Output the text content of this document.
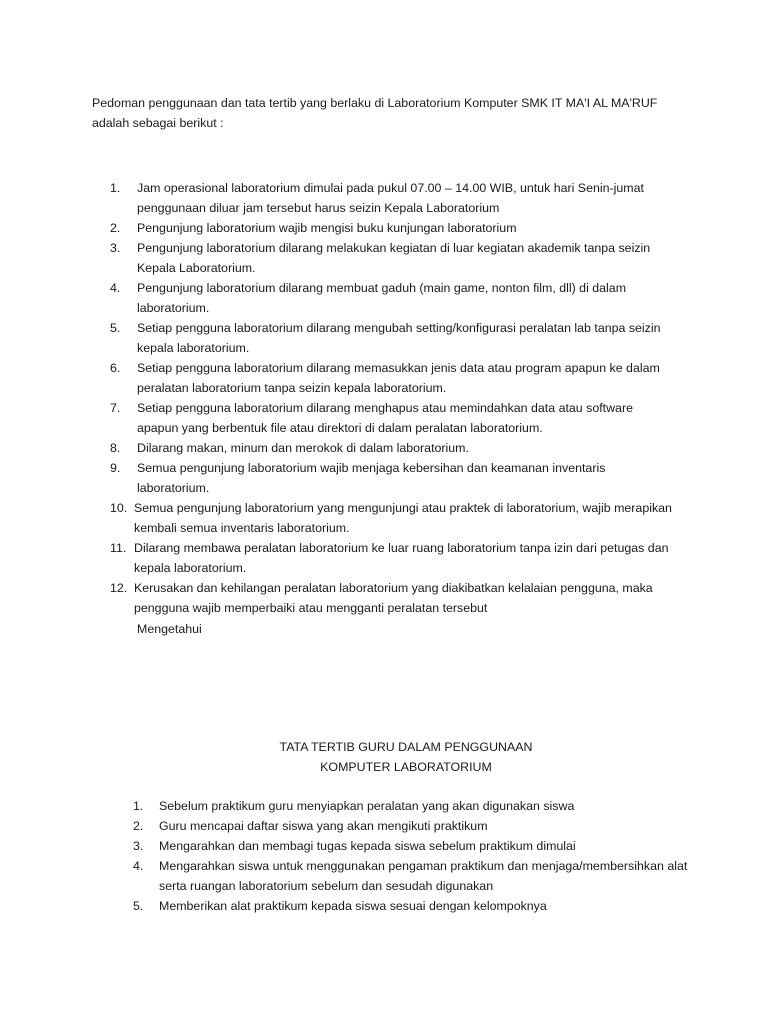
Pedoman penggunaan dan tata tertib yang berlaku di Laboratorium Komputer SMK IT MA'I AL MA'RUF adalah sebagai berikut :

1.	Jam operasional laboratorium dimulai pada pukul 07.00 – 14.00 WIB, untuk hari Senin-jumat penggunaan diluar jam tersebut harus seizin Kepala Laboratorium
2.	Pengunjung laboratorium wajib mengisi buku kunjungan laboratorium
3.	Pengunjung laboratorium dilarang melakukan kegiatan di luar kegiatan akademik tanpa seizin Kepala Laboratorium.
4.	Pengunjung laboratorium dilarang membuat gaduh (main game, nonton film, dll) di dalam laboratorium.
5.	Setiap pengguna laboratorium dilarang mengubah setting/konfigurasi peralatan lab tanpa seizin kepala laboratorium.
6.	Setiap pengguna laboratorium dilarang memasukkan jenis data atau program apapun ke dalam peralatan laboratorium tanpa seizin kepala laboratorium.
7.	Setiap pengguna laboratorium dilarang menghapus atau memindahkan data atau software apapun yang berbentuk file atau direktori di dalam peralatan laboratorium.
8.	Dilarang makan, minum dan merokok di dalam laboratorium.
9.	Semua pengunjung laboratorium wajib menjaga kebersihan dan keamanan inventaris laboratorium.
10. Semua pengunjung laboratorium yang mengunjungi atau praktek di laboratorium, wajib merapikan kembali semua inventaris laboratorium.
11. Dilarang membawa peralatan laboratorium ke luar ruang laboratorium tanpa izin dari petugas dan kepala laboratorium.
12. Kerusakan dan kehilangan peralatan laboratorium yang diakibatkan kelalaian pengguna, maka pengguna wajib memperbaiki atau mengganti peralatan tersebut
Mengetahui
TATA TERTIB GURU DALAM PENGGUNAAN
KOMPUTER LABORATORIUM
1.	Sebelum praktikum guru menyiapkan peralatan yang akan digunakan siswa
2.	Guru mencapai daftar siswa yang akan mengikuti praktikum
3.	Mengarahkan dan membagi tugas kepada siswa sebelum praktikum dimulai
4.	Mengarahkan siswa untuk menggunakan pengaman praktikum dan menjaga/membersihkan alat serta ruangan laboratorium sebelum dan sesudah digunakan
5.	Memberikan alat praktikum kepada siswa sesuai dengan kelompoknya
